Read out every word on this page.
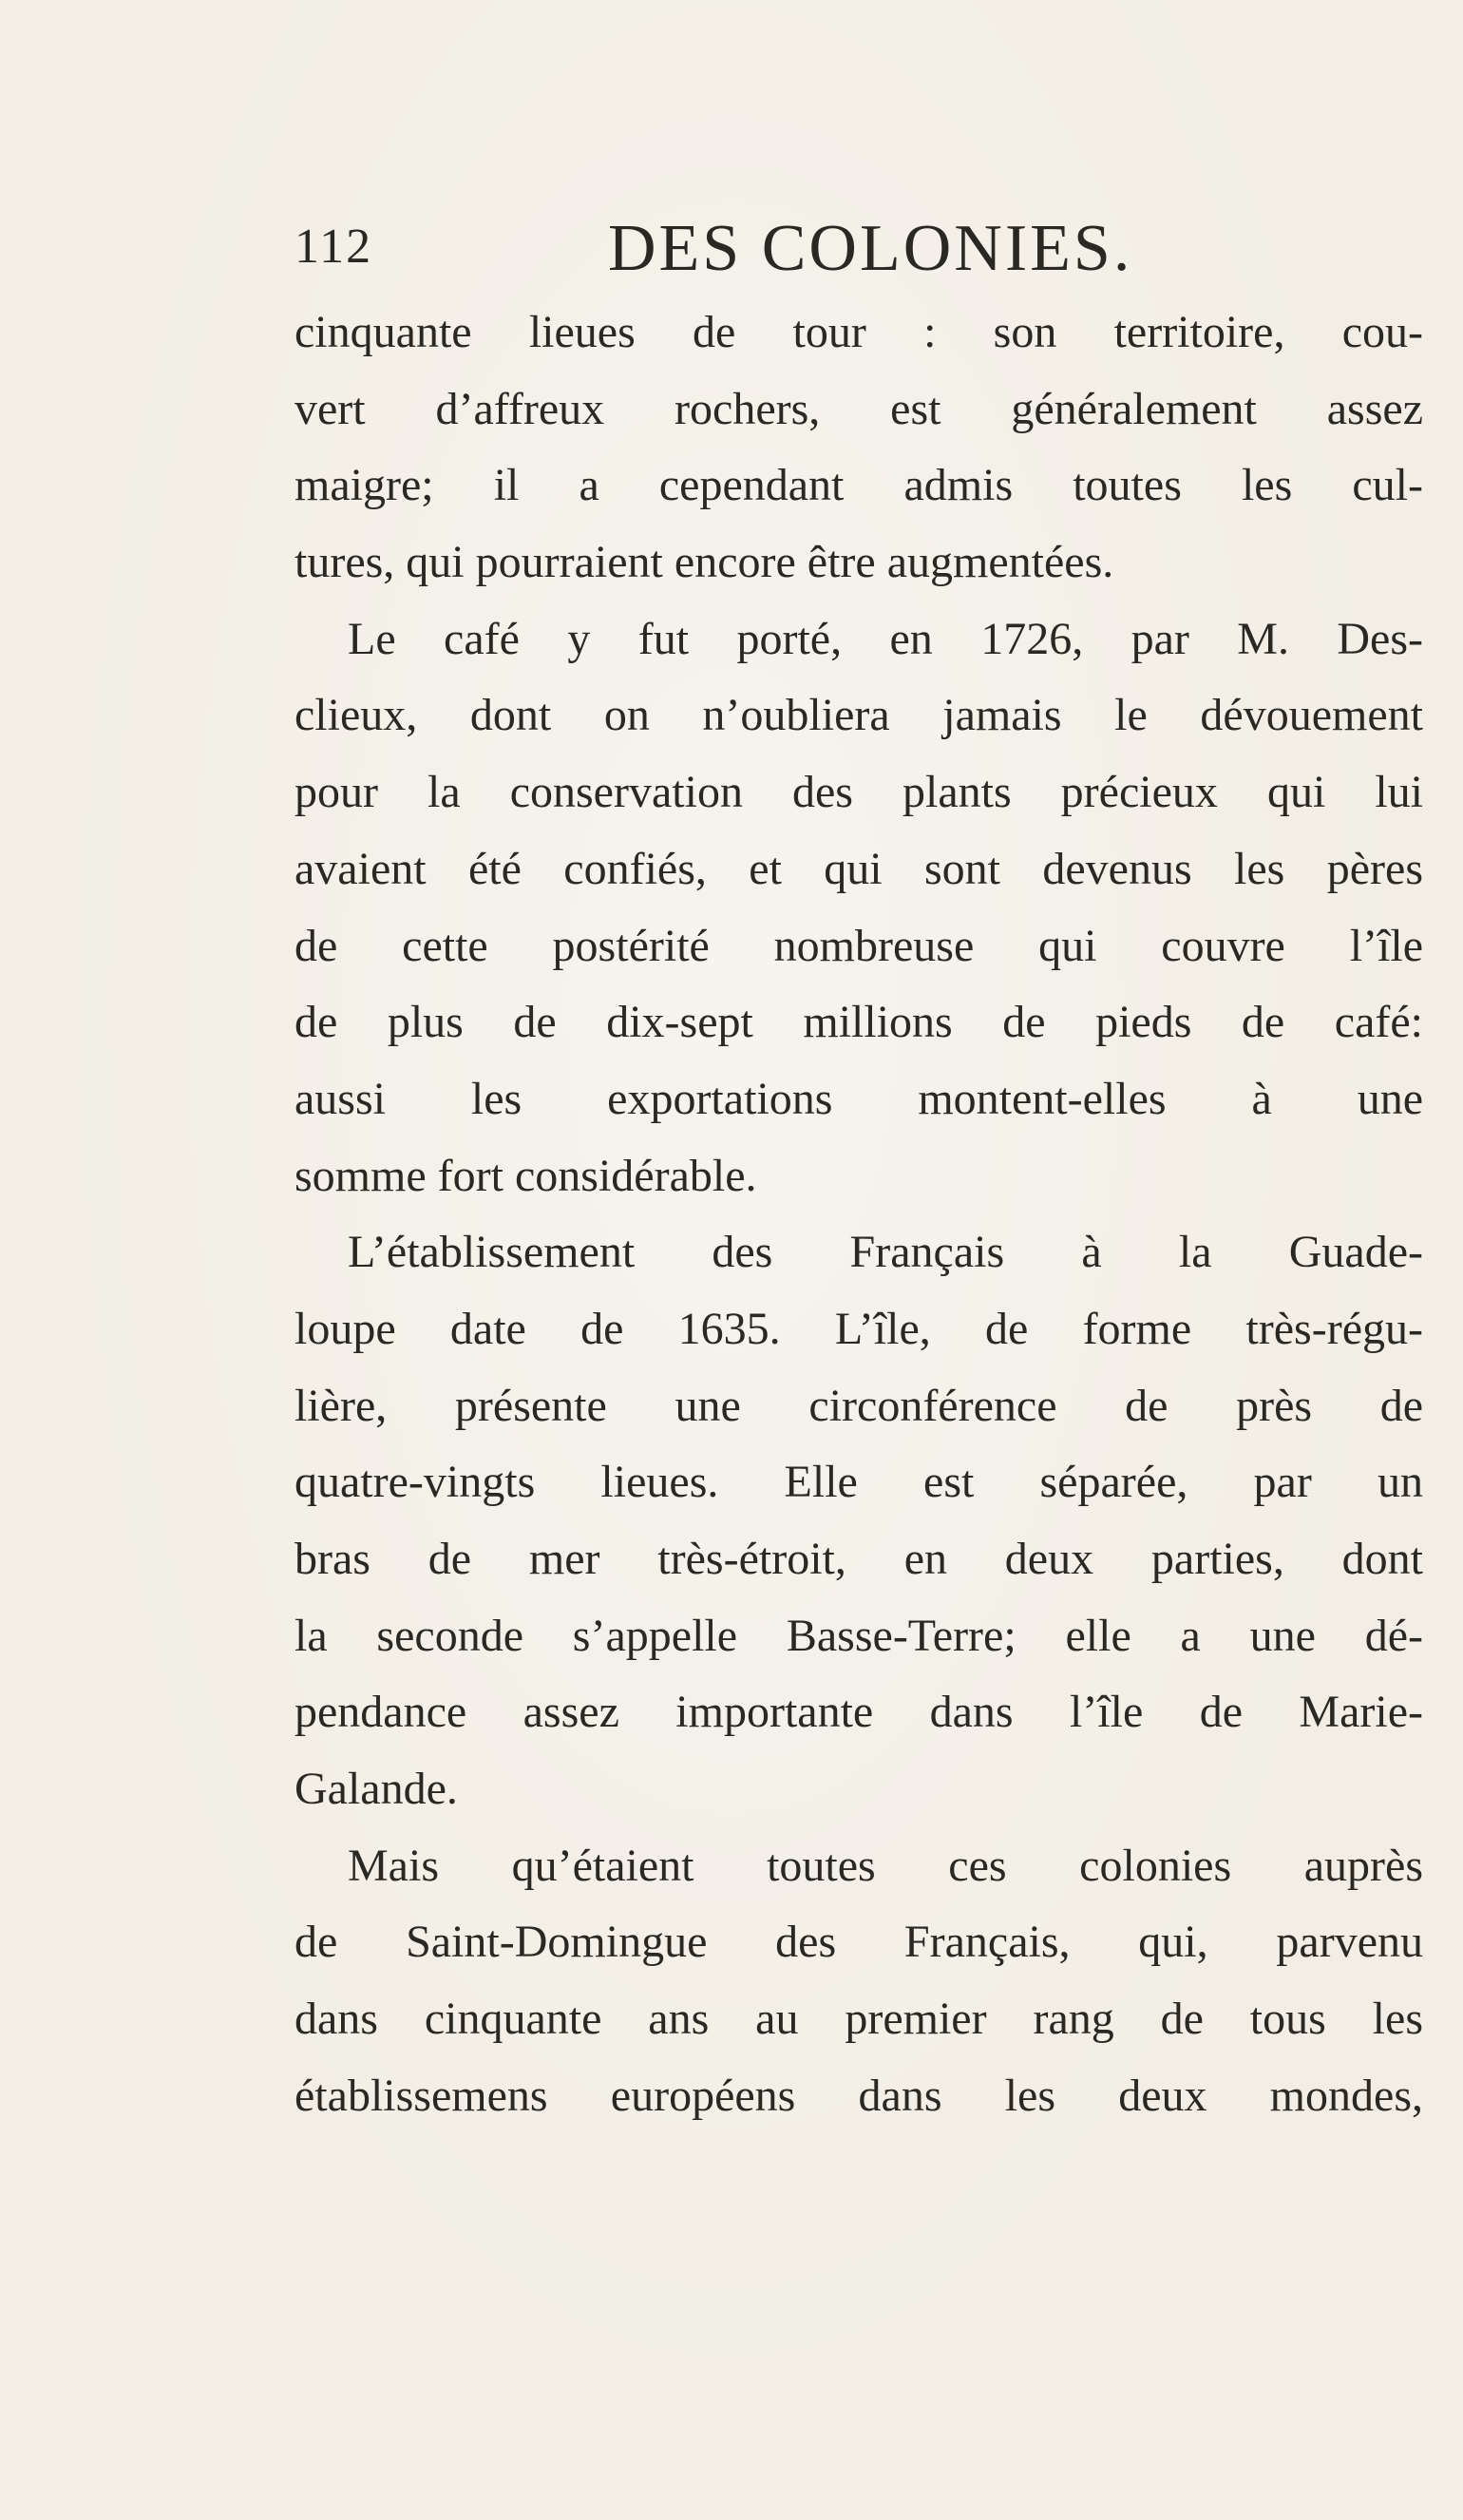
112	DES COLONIES.
cinquante lieues de tour : son territoire, cou-
vert d’affreux rochers, est généralement assez
maigre; il a cependant admis toutes les cul-
tures, qui pourraient encore être augmentées.
Le café y fut porté, en 1726, par M. Des-
clieux, dont on n’oubliera jamais le dévouement
pour la conservation des plants précieux qui lui
avaient été confiés, et qui sont devenus les pères
de cette postérité nombreuse qui couvre l’île
de plus de dix-sept millions de pieds de café:
aussi les exportations montent-elles à une
somme fort considérable.
L’établissement des Français à la Guade-
loupe date de 1635. L’île, de forme très-régu-
lière, présente une circonférence de près de
quatre-vingts lieues. Elle est séparée, par un
bras de mer très-étroit, en deux parties, dont
la seconde s’appelle Basse-Terre; elle a une dé-
pendance assez importante dans l’île de Marie-
Galande.
Mais qu’étaient toutes ces colonies auprès
de Saint-Domingue des Français, qui, parvenu
dans cinquante ans au premier rang de tous les
établissemens européens dans les deux mondes,
